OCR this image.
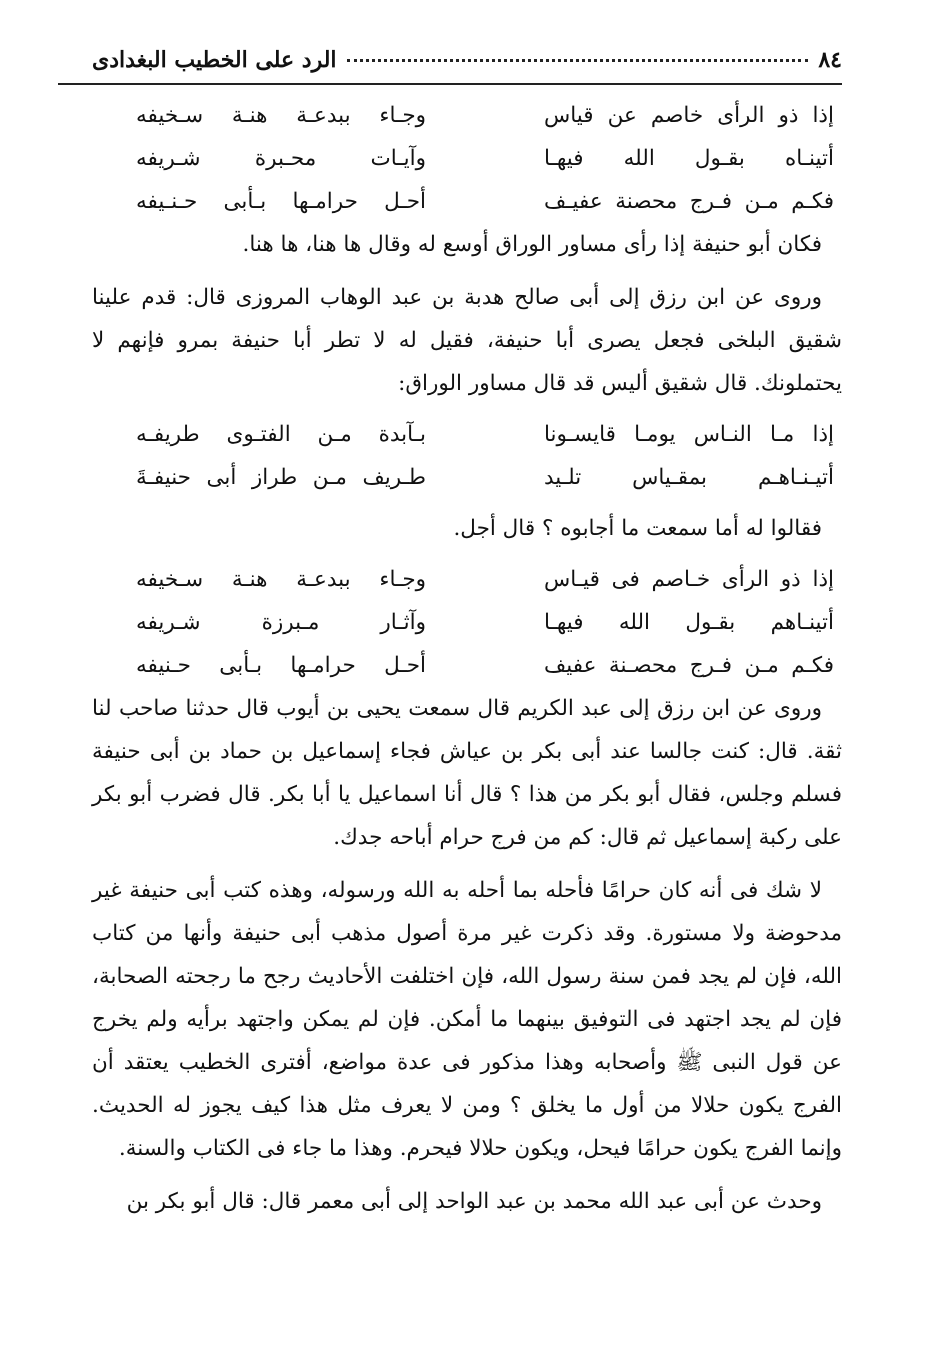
٨٤
الرد على الخطيب البغدادى
إذا ذو الرأى خاصم عن قياس
وجـاء ببدعـة هنـة سـخيفه
أتينـاه بقـول الله فيهـا
وآيـات محـبرة شـريفه
فكـم مـن فـرج محصنة عفيـف
أحـل حرامـها بـأبى حـنـيفه

فكان أبو حنيفة إذا رأى مساور الوراق أوسع له وقال ها هنا، ها هنا.

وروى عن ابن رزق إلى أبى صالح هدبة بن عبد الوهاب المروزى قال: قدم علينا شقيق البلخى فجعل يصرى أبا حنيفة، فقيل له لا تطر أبا حنيفة بمرو فإنهم لا يحتملونك. قال شقيق أليس قد قال مساور الوراق:

إذا مـا النـاس يومـا قايسـونا
بـآبدة مـن الفتـوى طريفـه
أتيـنـاهـم بمقـياس تلـيد
طـريف مـن طراز أبى حنيفـةَ

فقالوا له أما سمعت ما أجابوه ؟ قال أجل.

إذا ذو الرأى خـاصم فى قيـاس
وجـاء ببدعـة هنـة سـخيفه
أتينـاهم بقـول الله فيهـا
وآثـار مـبرزة شـريفه
فكـم مـن فـرج محصـنة عفيف
أحـل حرامـها بـأبى حـنيفه

وروى عن ابن رزق إلى عبد الكريم قال سمعت يحيى بن أيوب قال حدثنا صاحب لنا ثقة. قال: كنت جالسا عند أبى بكر بن عياش فجاء إسماعيل بن حماد بن أبى حنيفة فسلم وجلس، فقال أبو بكر من هذا ؟ قال أنا اسماعيل يا أبا بكر. قال فضرب أبو بكر على ركبة إسماعيل ثم قال: كم من فرج حرام أباحه جدك.

لا شك فى أنه كان حرامًا فأحله بما أحله به الله ورسوله، وهذه كتب أبى حنيفة غير مدحوضة ولا مستورة. وقد ذكرت غير مرة أصول مذهب أبى حنيفة وأنها من كتاب الله، فإن لم يجد فمن سنة رسول الله، فإن اختلفت الأحاديث رجح ما رجحته الصحابة، فإن لم يجد اجتهد فى التوفيق بينهما ما أمكن. فإن لم يمكن واجتهد برأيه ولم يخرج عن قول النبى ﷺ وأصحابه وهذا مذكور فى عدة مواضع، أفترى الخطيب يعتقد أن الفرج يكون حلالا من أول ما يخلق ؟ ومن لا يعرف مثل هذا كيف يجوز له الحديث. وإنما الفرج يكون حرامًا فيحل، ويكون حلالا فيحرم. وهذا ما جاء فى الكتاب والسنة.

وحدث عن أبى عبد الله محمد بن عبد الواحد إلى أبى معمر قال: قال أبو بكر بن
